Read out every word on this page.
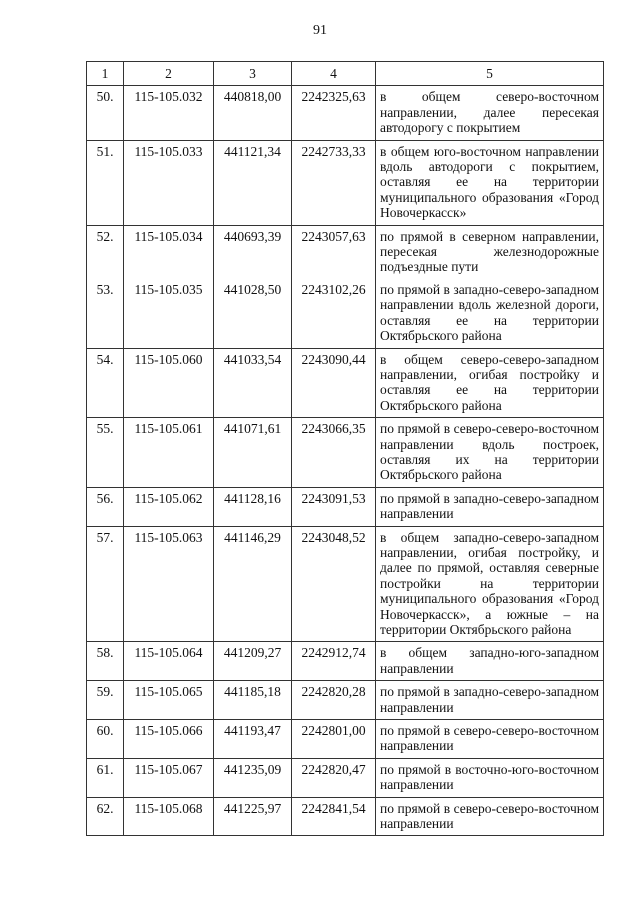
91
1	2	3	4	5
50.	115-105.032	440818,00	2242325,63	в общем северо-восточном направлении, далее пересекая автодорогу с покрытием
51.	115-105.033	441121,34	2242733,33	в общем юго-восточном направлении вдоль автодороги с покрытием, оставляя ее на территории муниципального образования «Город Новочеркасск»
52.	115-105.034	440693,39	2243057,63	по прямой в северном направлении, пересекая железнодорожные подъездные пути
53.	115-105.035	441028,50	2243102,26	по прямой в западно-северо-западном направлении вдоль железной дороги, оставляя ее на территории Октябрьского района
54.	115-105.060	441033,54	2243090,44	в общем северо-северо-западном направлении, огибая постройку и оставляя ее на территории Октябрьского района
55.	115-105.061	441071,61	2243066,35	по прямой в северо-северо-восточном направлении вдоль построек, оставляя их на территории Октябрьского района
56.	115-105.062	441128,16	2243091,53	по прямой в западно-северо-западном направлении
57.	115-105.063	441146,29	2243048,52	в общем западно-северо-западном направлении, огибая постройку, и далее по прямой, оставляя северные постройки на территории муниципального образования «Город Новочеркасск», а южные – на территории Октябрьского района
58.	115-105.064	441209,27	2242912,74	в общем западно-юго-западном направлении
59.	115-105.065	441185,18	2242820,28	по прямой в западно-северо-западном направлении
60.	115-105.066	441193,47	2242801,00	по прямой в северо-северо-восточном направлении
61.	115-105.067	441235,09	2242820,47	по прямой в восточно-юго-восточном направлении
62.	115-105.068	441225,97	2242841,54	по прямой в северо-северо-восточном направлении
